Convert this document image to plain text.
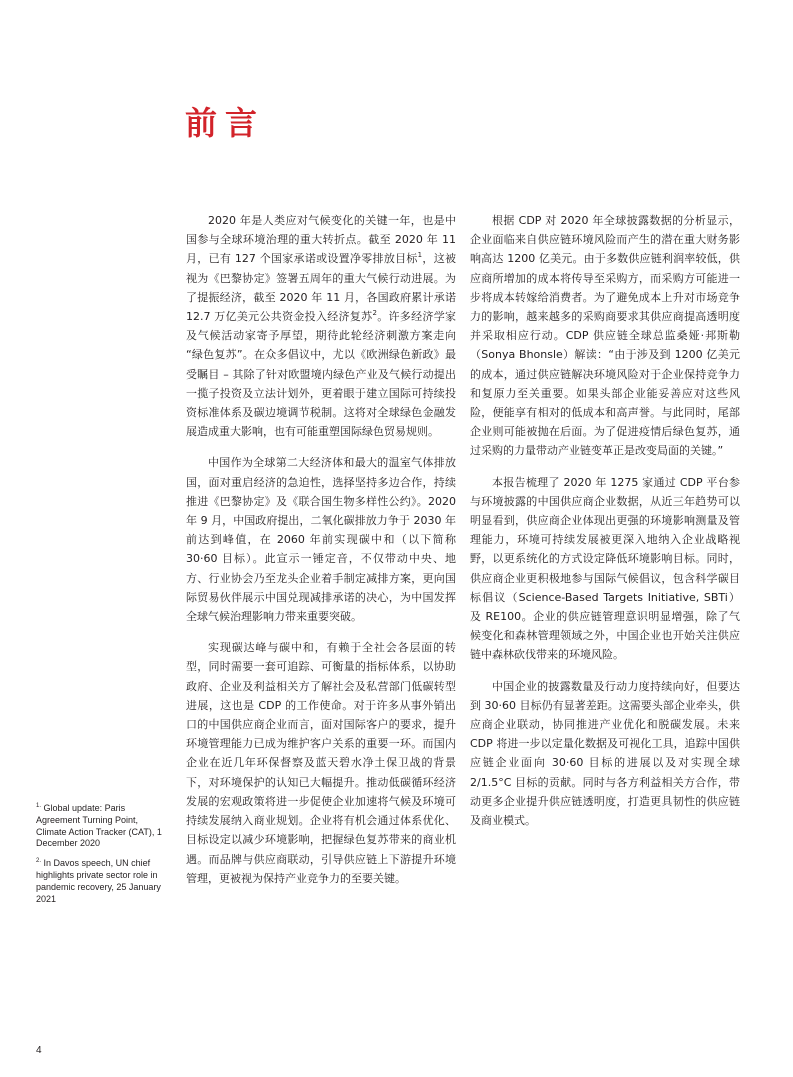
前言

2020 年是人类应对气候变化的关键一年，也是中国参与全球环境治理的重大转折点。截至 2020 年 11 月，已有 127 个国家承诺或设置净零排放目标$^1$，这被视为《巴黎协定》签署五周年的重大气候行动进展。为了提振经济，截至 2020 年 11 月，各国政府累计承诺 12.7 万亿美元公共资金投入经济复苏$^2$。许多经济学家及气候活动家寄予厚望，期待此轮经济刺激方案走向 “绿色复苏”。在众多倡议中，尤以《欧洲绿色新政》最受瞩目 – 其除了针对欧盟境内绿色产业及气候行动提出一揽子投资及立法计划外，更着眼于建立国际可持续投资标准体系及碳边境调节税制。这将对全球绿色金融发展造成重大影响，也有可能重塑国际绿色贸易规则。

中国作为全球第二大经济体和最大的温室气体排放国，面对重启经济的急迫性，选择坚持多边合作，持续推进《巴黎协定》及《联合国生物多样性公约》。2020 年 9 月，中国政府提出，二氧化碳排放力争于 2030 年前达到峰值，在 2060 年前实现碳中和（以下简称 30·60 目标）。此宣示一锤定音，不仅带动中央、地方、行业协会乃至龙头企业着手制定减排方案，更向国际贸易伙伴展示中国兑现减排承诺的决心，为中国发挥全球气候治理影响力带来重要突破。

实现碳达峰与碳中和，有赖于全社会各层面的转型，同时需要一套可追踪、可衡量的指标体系，以协助政府、企业及利益相关方了解社会及私营部门低碳转型进展，这也是 CDP 的工作使命。对于许多从事外销出口的中国供应商企业而言，面对国际客户的要求，提升环境管理能力已成为维护客户关系的重要一环。而国内企业在近几年环保督察及蓝天碧水净土保卫战的背景下，对环境保护的认知已大幅提升。推动低碳循环经济发展的宏观政策将进一步促使企业加速将气候及环境可持续发展纳入商业规划。企业将有机会通过体系优化、目标设定以减少环境影响，把握绿色复苏带来的商业机遇。而品牌与供应商联动，引导供应链上下游提升环境管理，更被视为保持产业竞争力的至要关键。

根据 CDP 对 2020 年全球披露数据的分析显示，企业面临来自供应链环境风险而产生的潜在重大财务影响高达 1200 亿美元。由于多数供应链利润率较低，供应商所增加的成本将传导至采购方，而采购方可能进一步将成本转嫁给消费者。为了避免成本上升对市场竞争力的影响，越来越多的采购商要求其供应商提高透明度并采取相应行动。CDP 供应链全球总监桑娅·邦斯勒（Sonya Bhonsle）解读：“由于涉及到 1200 亿美元的成本，通过供应链解决环境风险对于企业保持竞争力和复原力至关重要。如果头部企业能妥善应对这些风险，便能享有相对的低成本和高声誉。与此同时，尾部企业则可能被抛在后面。为了促进疫情后绿色复苏，通过采购的力量带动产业链变革正是改变局面的关键。”

本报告梳理了 2020 年 1275 家通过 CDP 平台参与环境披露的中国供应商企业数据，从近三年趋势可以明显看到，供应商企业体现出更强的环境影响测量及管理能力，环境可持续发展被更深入地纳入企业战略视野，以更系统化的方式设定降低环境影响目标。同时，供应商企业更积极地参与国际气候倡议，包含科学碳目标倡议（Science-Based Targets Initiative, SBTi）及 RE100。企业的供应链管理意识明显增强，除了气候变化和森林管理领域之外，中国企业也开始关注供应链中森林砍伐带来的环境风险。

中国企业的披露数量及行动力度持续向好，但要达到 30·60 目标仍有显著差距。这需要头部企业牵头，供应商企业联动，协同推进产业优化和脱碳发展。未来 CDP 将进一步以定量化数据及可视化工具，追踪中国供应链企业面向 30·60 目标的进展以及对实现全球 2/1.5°C 目标的贡献。同时与各方利益相关方合作，带动更多企业提升供应链透明度，打造更具韧性的供应链及商业模式。

$^{1.}$ Global update: Paris Agreement Turning Point, Climate Action Tracker (CAT), 1 December 2020

$^{2.}$ In Davos speech, UN chief highlights private sector role in pandemic recovery, 25 January 2021

4
